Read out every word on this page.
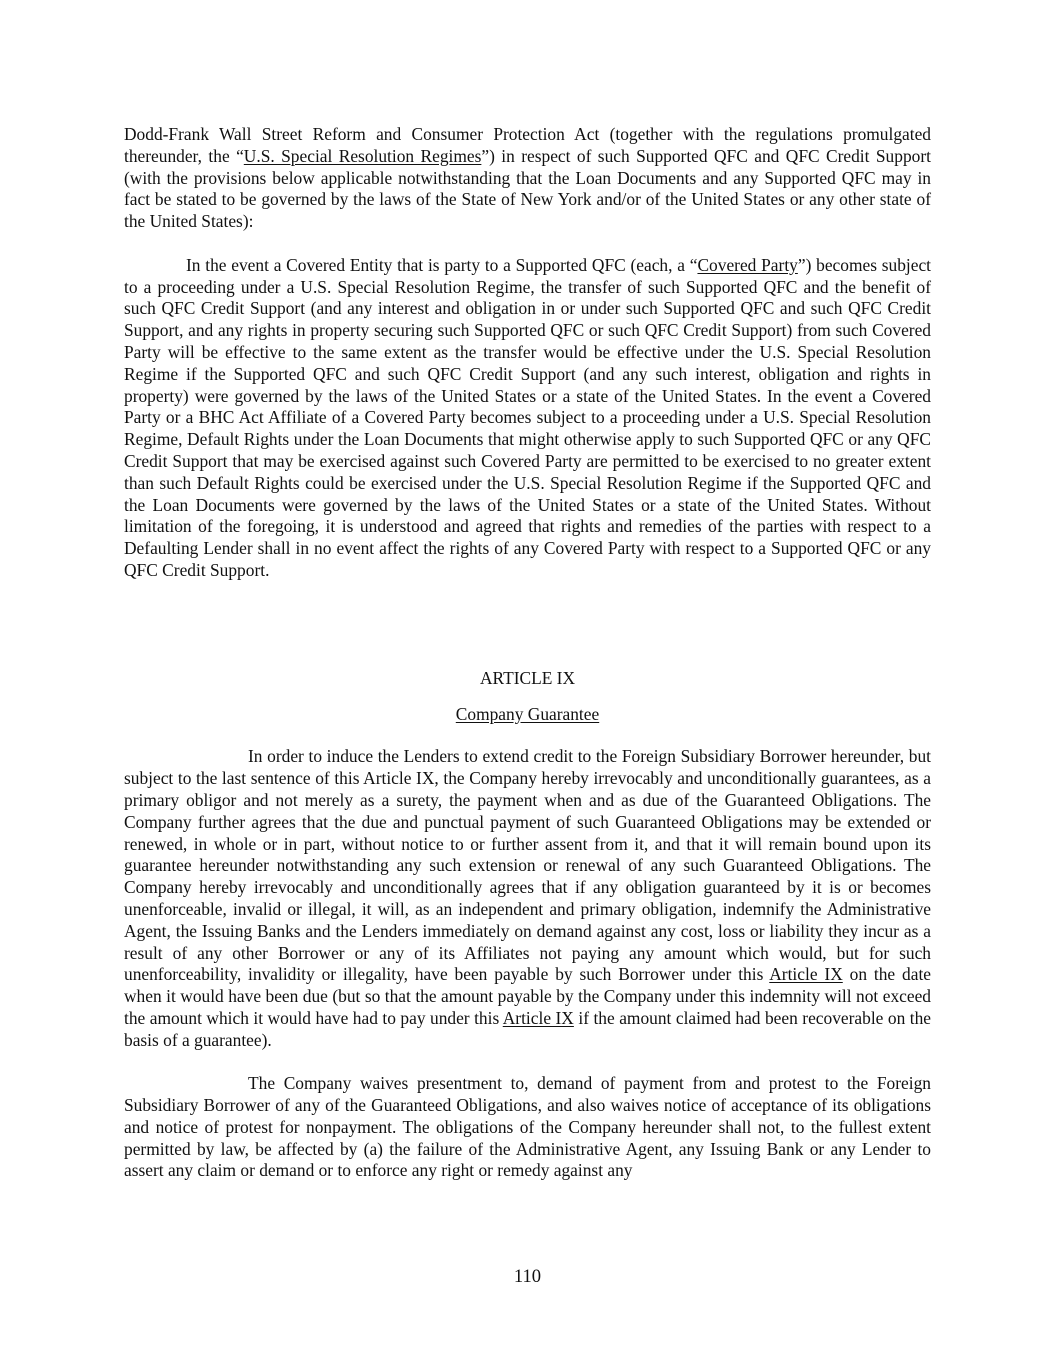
Dodd-Frank Wall Street Reform and Consumer Protection Act (together with the regulations promulgated thereunder, the “U.S. Special Resolution Regimes”) in respect of such Supported QFC and QFC Credit Support (with the provisions below applicable notwithstanding that the Loan Documents and any Supported QFC may in fact be stated to be governed by the laws of the State of New York and/or of the United States or any other state of the United States):

In the event a Covered Entity that is party to a Supported QFC (each, a “Covered Party”) becomes subject to a proceeding under a U.S. Special Resolution Regime, the transfer of such Supported QFC and the benefit of such QFC Credit Support (and any interest and obligation in or under such Supported QFC and such QFC Credit Support, and any rights in property securing such Supported QFC or such QFC Credit Support) from such Covered Party will be effective to the same extent as the transfer would be effective under the U.S. Special Resolution Regime if the Supported QFC and such QFC Credit Support (and any such interest, obligation and rights in property) were governed by the laws of the United States or a state of the United States. In the event a Covered Party or a BHC Act Affiliate of a Covered Party becomes subject to a proceeding under a U.S. Special Resolution Regime, Default Rights under the Loan Documents that might otherwise apply to such Supported QFC or any QFC Credit Support that may be exercised against such Covered Party are permitted to be exercised to no greater extent than such Default Rights could be exercised under the U.S. Special Resolution Regime if the Supported QFC and the Loan Documents were governed by the laws of the United States or a state of the United States. Without limitation of the foregoing, it is understood and agreed that rights and remedies of the parties with respect to a Defaulting Lender shall in no event affect the rights of any Covered Party with respect to a Supported QFC or any QFC Credit Support.

ARTICLE IX

Company Guarantee

In order to induce the Lenders to extend credit to the Foreign Subsidiary Borrower hereunder, but subject to the last sentence of this Article IX, the Company hereby irrevocably and unconditionally guarantees, as a primary obligor and not merely as a surety, the payment when and as due of the Guaranteed Obligations. The Company further agrees that the due and punctual payment of such Guaranteed Obligations may be extended or renewed, in whole or in part, without notice to or further assent from it, and that it will remain bound upon its guarantee hereunder notwithstanding any such extension or renewal of any such Guaranteed Obligations. The Company hereby irrevocably and unconditionally agrees that if any obligation guaranteed by it is or becomes unenforceable, invalid or illegal, it will, as an independent and primary obligation, indemnify the Administrative Agent, the Issuing Banks and the Lenders immediately on demand against any cost, loss or liability they incur as a result of any other Borrower or any of its Affiliates not paying any amount which would, but for such unenforceability, invalidity or illegality, have been payable by such Borrower under this Article IX on the date when it would have been due (but so that the amount payable by the Company under this indemnity will not exceed the amount which it would have had to pay under this Article IX if the amount claimed had been recoverable on the basis of a guarantee).

The Company waives presentment to, demand of payment from and protest to the Foreign Subsidiary Borrower of any of the Guaranteed Obligations, and also waives notice of acceptance of its obligations and notice of protest for nonpayment. The obligations of the Company hereunder shall not, to the fullest extent permitted by law, be affected by (a) the failure of the Administrative Agent, any Issuing Bank or any Lender to assert any claim or demand or to enforce any right or remedy against any

110
